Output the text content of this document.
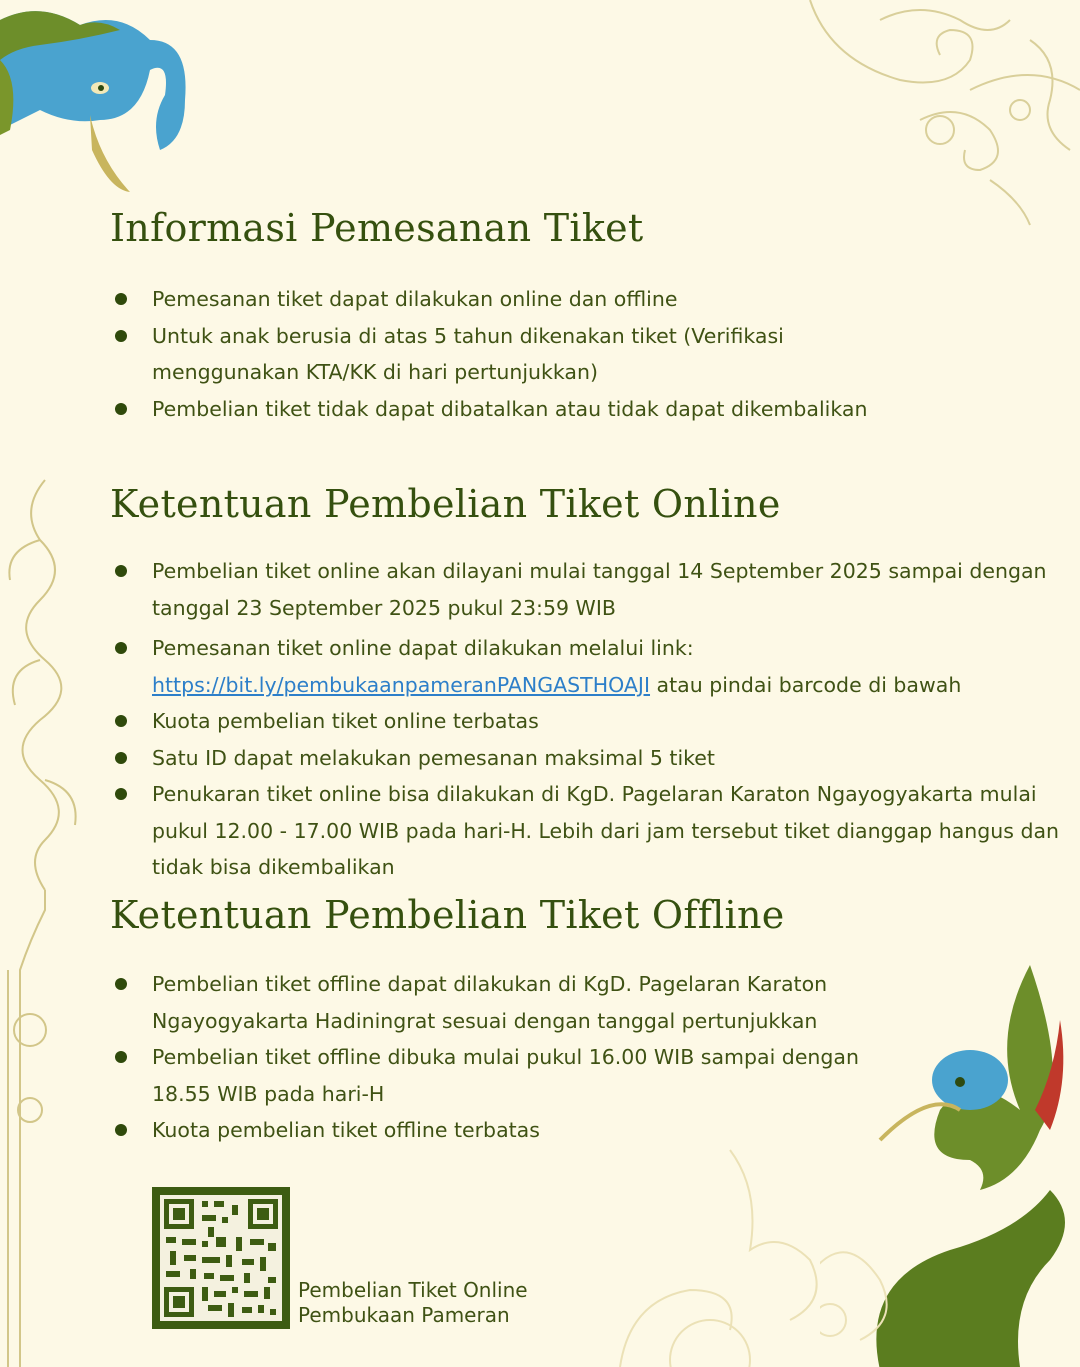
Informasi Pemesanan Tiket
Pemesanan tiket dapat dilakukan online dan offline
Untuk anak berusia di atas 5 tahun dikenakan tiket (Verifikasi
menggunakan KTA/KK di hari pertunjukkan)
Pembelian tiket tidak dapat dibatalkan atau tidak dapat dikembalikan
Ketentuan Pembelian Tiket Online
Pembelian tiket online akan dilayani mulai tanggal 14 September 2025 sampai dengan
tanggal 23 September 2025 pukul 23:59 WIB
Pemesanan tiket online dapat dilakukan melalui link:
https://bit.ly/pembukaanpameranPANGASTHOAJI atau pindai barcode di bawah
Kuota pembelian tiket online terbatas
Satu ID dapat melakukan pemesanan maksimal 5 tiket
Penukaran tiket online bisa dilakukan di KgD. Pagelaran Karaton Ngayogyakarta mulai
pukul 12.00 - 17.00 WIB pada hari-H. Lebih dari jam tersebut tiket dianggap hangus dan
tidak bisa dikembalikan
Ketentuan Pembelian Tiket Offline
Pembelian tiket offline dapat dilakukan di KgD. Pagelaran Karaton
Ngayogyakarta Hadiningrat sesuai dengan tanggal pertunjukkan
Pembelian tiket offline dibuka mulai pukul 16.00 WIB sampai dengan
18.55 WIB pada hari-H
Kuota pembelian tiket offline terbatas
Pembelian Tiket Online
Pembukaan Pameran
